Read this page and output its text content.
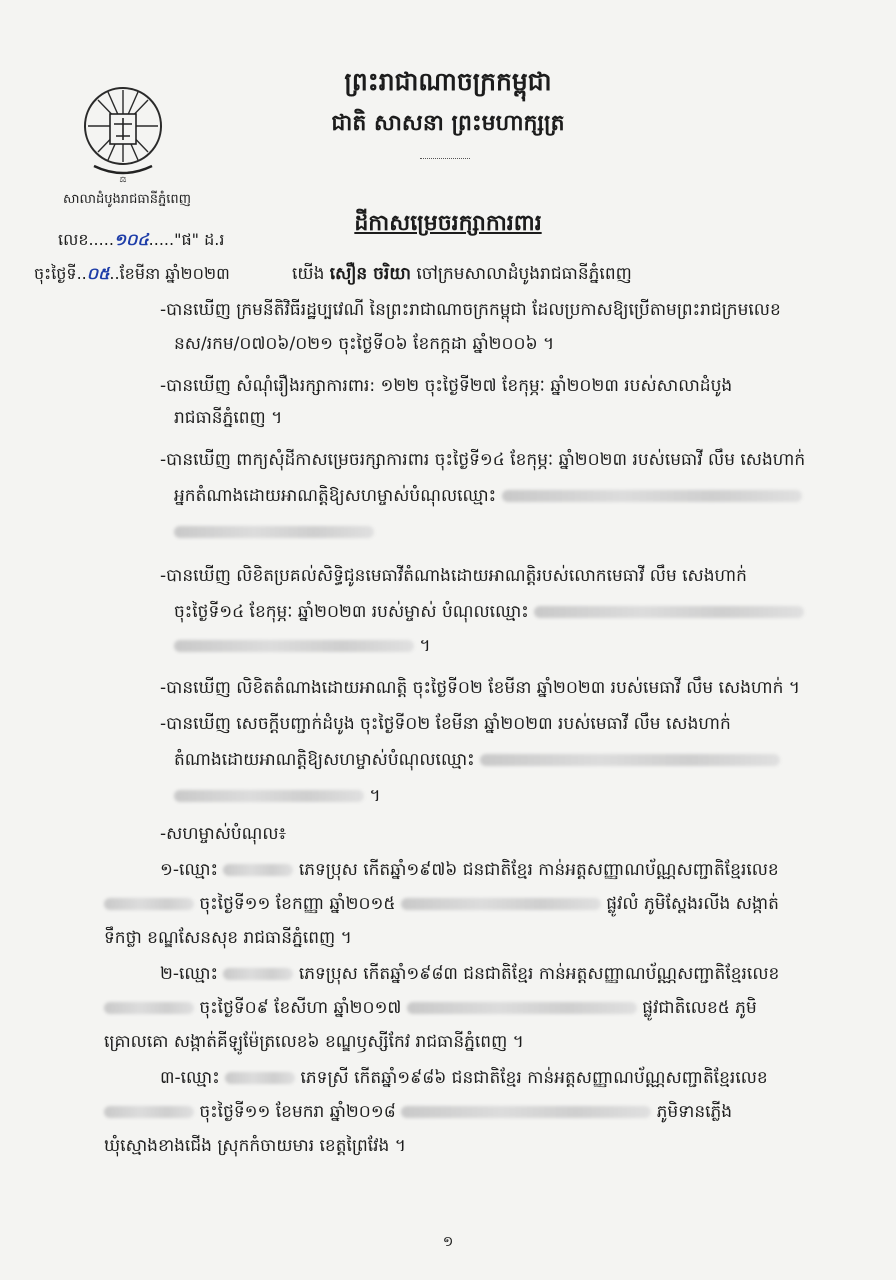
⚖
ព្រះរាជាណាចក្រកម្ពុជា
ជាតិ សាសនា ព្រះមហាក្សត្រ
សាលាដំបូងរាជធានីភ្នំពេញ
ដីកាសម្រេចរក្សាការពារ
លេខ.....១០៤....."ផ" ដ.រ
ចុះថ្ងៃទី..០៥..ខែមីនា ឆ្នាំ២០២៣	យើង សឿន ចរិយា ចៅក្រមសាលាដំបូងរាជធានីភ្នំពេញ
-បានឃើញ ក្រមនីតិវិធីរដ្ឋប្បវេណី នៃព្រះរាជាណាចក្រកម្ពុជា ដែលប្រកាសឱ្យប្រើតាមព្រះរាជក្រមលេខ
នស/រកម/០៧០៦/០២១ ចុះថ្ងៃទី០៦ ខែកក្កដា ឆ្នាំ២០០៦ ។
-បានឃើញ សំណុំរឿងរក្សាការពារ: ១២២ ចុះថ្ងៃទី២៧ ខែកុម្ភៈ ឆ្នាំ២០២៣ របស់សាលាដំបូង
រាជធានីភ្នំពេញ ។
-បានឃើញ ពាក្យសុំដីកាសម្រេចរក្សាការពារ ចុះថ្ងៃទី១៤ ខែកុម្ភៈ ឆ្នាំ២០២៣ របស់មេធាវី លឹម សេងហាក់
អ្នកតំណាងដោយអាណត្តិឱ្យសហម្ចាស់បំណុលឈ្មោះ
-បានឃើញ លិខិតប្រគល់សិទ្ធិជូនមេធាវីតំណាងដោយអាណត្តិរបស់លោកមេធាវី លឹម សេងហាក់
ចុះថ្ងៃទី១៤ ខែកុម្ភៈ ឆ្នាំ២០២៣ របស់ម្ចាស់ បំណុលឈ្មោះ
។
-បានឃើញ លិខិតតំណាងដោយអាណត្តិ ចុះថ្ងៃទី០២ ខែមីនា ឆ្នាំ២០២៣ របស់មេធាវី លឹម សេងហាក់ ។
-បានឃើញ សេចក្ដីបញ្ជាក់ដំបូង ចុះថ្ងៃទី០២ ខែមីនា ឆ្នាំ២០២៣ របស់មេធាវី លឹម សេងហាក់
តំណាងដោយអាណត្តិឱ្យសហម្ចាស់បំណុលឈ្មោះ
។
-សហម្ចាស់បំណុល៖
១-ឈ្មោះ	ភេទប្រុស កើតឆ្នាំ១៩៧៦ ជនជាតិខ្មែរ កាន់អត្តសញ្ញាណប័ណ្ណសញ្ជាតិខ្មែរលេខ
ចុះថ្ងៃទី១១ ខែកញ្ញា ឆ្នាំ២០១៥	ផ្លូវលំ ភូមិស្ពែងរលីង សង្កាត់
ទឹកថ្លា ខណ្ឌសែនសុខ រាជធានីភ្នំពេញ ។
២-ឈ្មោះ	ភេទប្រុស កើតឆ្នាំ១៩៨៣ ជនជាតិខ្មែរ កាន់អត្តសញ្ញាណប័ណ្ណសញ្ជាតិខ្មែរលេខ
ចុះថ្ងៃទី០៩ ខែសីហា ឆ្នាំ២០១៧	ផ្លូវជាតិលេខ៥ ភូមិ
គ្រោលគោ សង្កាត់គីឡូម៉ែត្រលេខ៦ ខណ្ឌឫស្សីកែវ រាជធានីភ្នំពេញ ។
៣-ឈ្មោះ	ភេទស្រី កើតឆ្នាំ១៩៨៦ ជនជាតិខ្មែរ កាន់អត្តសញ្ញាណប័ណ្ណសញ្ជាតិខ្មែរលេខ
ចុះថ្ងៃទី១១ ខែមករា ឆ្នាំ២០១៨	ភូមិទានភ្លើង
ឃុំស្មោងខាងជើង ស្រុកកំចាយមារ ខេត្តព្រៃវែង ។
១
